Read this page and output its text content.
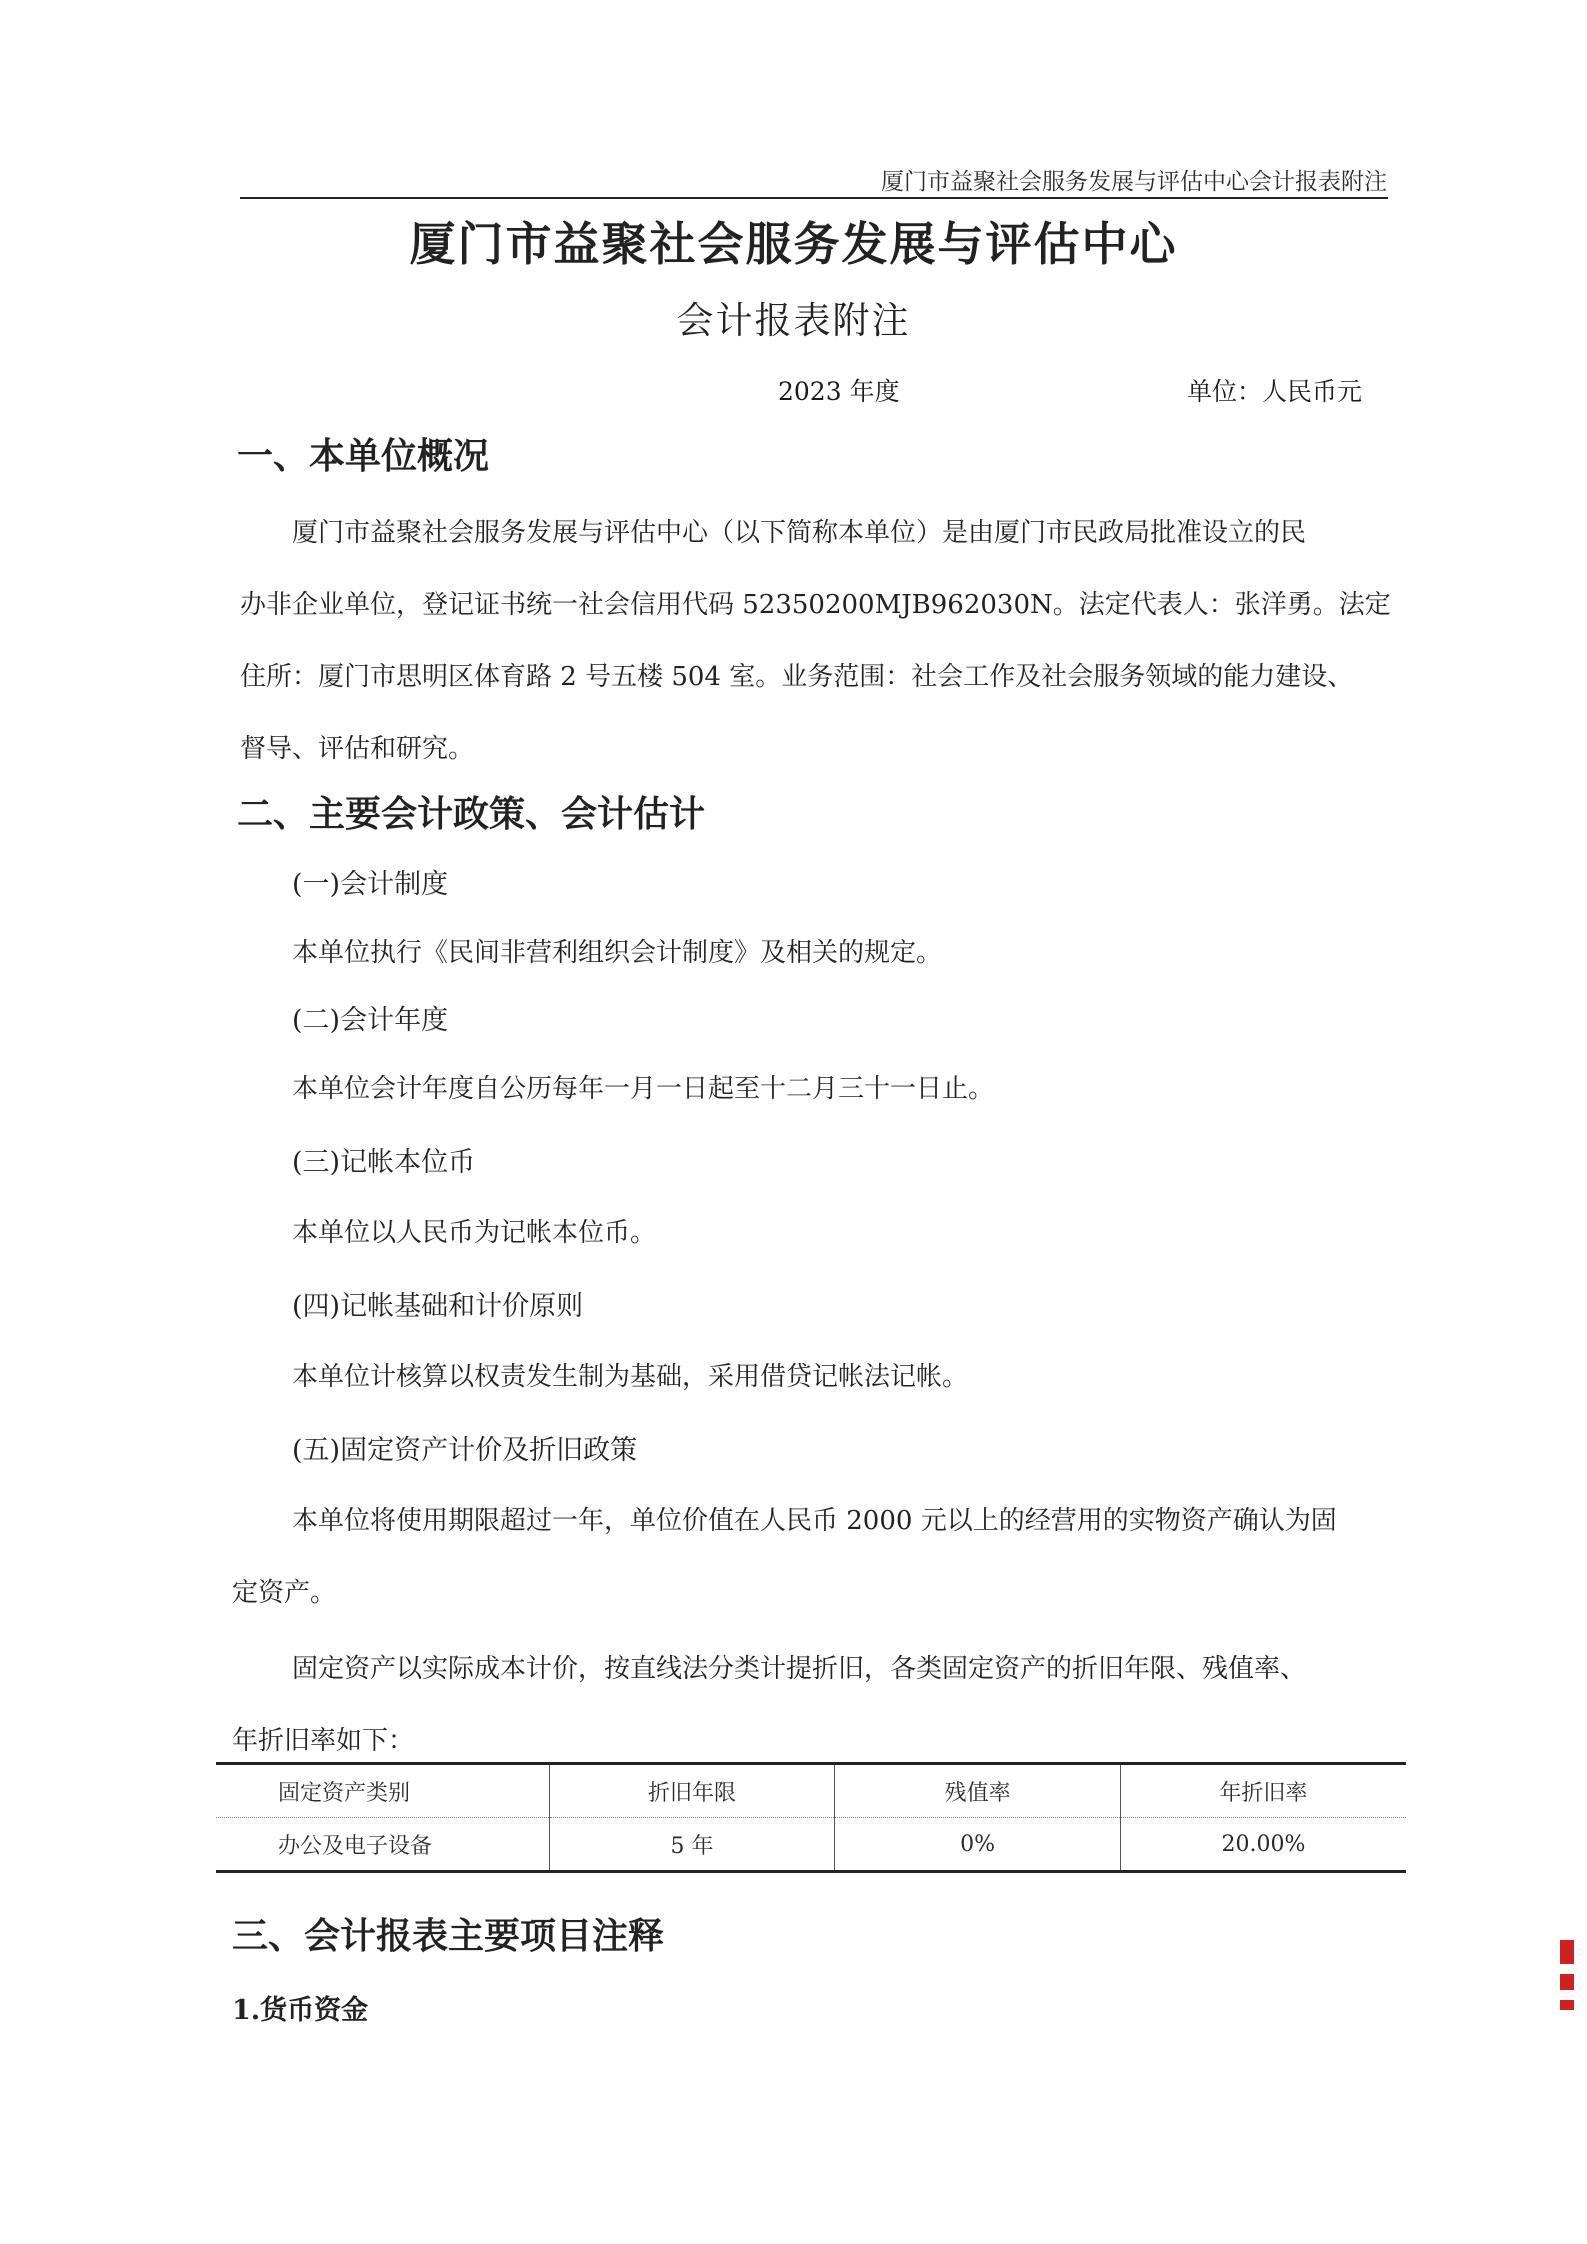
厦门市益聚社会服务发展与评估中心会计报表附注
厦门市益聚社会服务发展与评估中心
会计报表附注
2023 年度	单位：人民币元
一、本单位概况
厦门市益聚社会服务发展与评估中心（以下简称本单位）是由厦门市民政局批准设立的民
办非企业单位，登记证书统一社会信用代码 52350200MJB962030N。法定代表人：张洋勇。法定
住所：厦门市思明区体育路 2 号五楼 504 室。业务范围：社会工作及社会服务领域的能力建设、
督导、评估和研究。
二、主要会计政策、会计估计
(一)会计制度
本单位执行《民间非营利组织会计制度》及相关的规定。
(二)会计年度
本单位会计年度自公历每年一月一日起至十二月三十一日止。
(三)记帐本位币
本单位以人民币为记帐本位币。
(四)记帐基础和计价原则
本单位计核算以权责发生制为基础，采用借贷记帐法记帐。
(五)固定资产计价及折旧政策
本单位将使用期限超过一年，单位价值在人民币 2000 元以上的经营用的实物资产确认为固
定资产。
固定资产以实际成本计价，按直线法分类计提折旧，各类固定资产的折旧年限、残值率、
年折旧率如下：
固定资产类别	折旧年限	残值率	年折旧率
办公及电子设备	5 年	0%	20.00%
三、会计报表主要项目注释
1.货币资金
